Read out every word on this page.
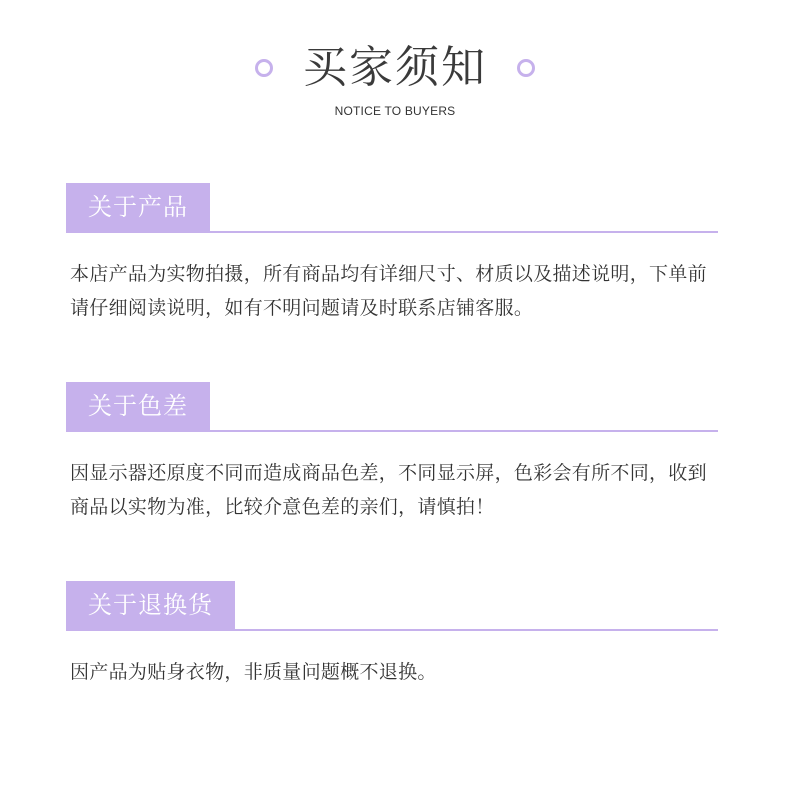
买家须知
NOTICE TO BUYERS
关于产品
本店产品为实物拍摄，所有商品均有详细尺寸、材质以及描述说明，下单前请仔细阅读说明，如有不明问题请及时联系店铺客服。
关于色差
因显示器还原度不同而造成商品色差，不同显示屏，色彩会有所不同，收到商品以实物为准，比较介意色差的亲们，请慎拍！
关于退换货
因产品为贴身衣物，非质量问题概不退换。
